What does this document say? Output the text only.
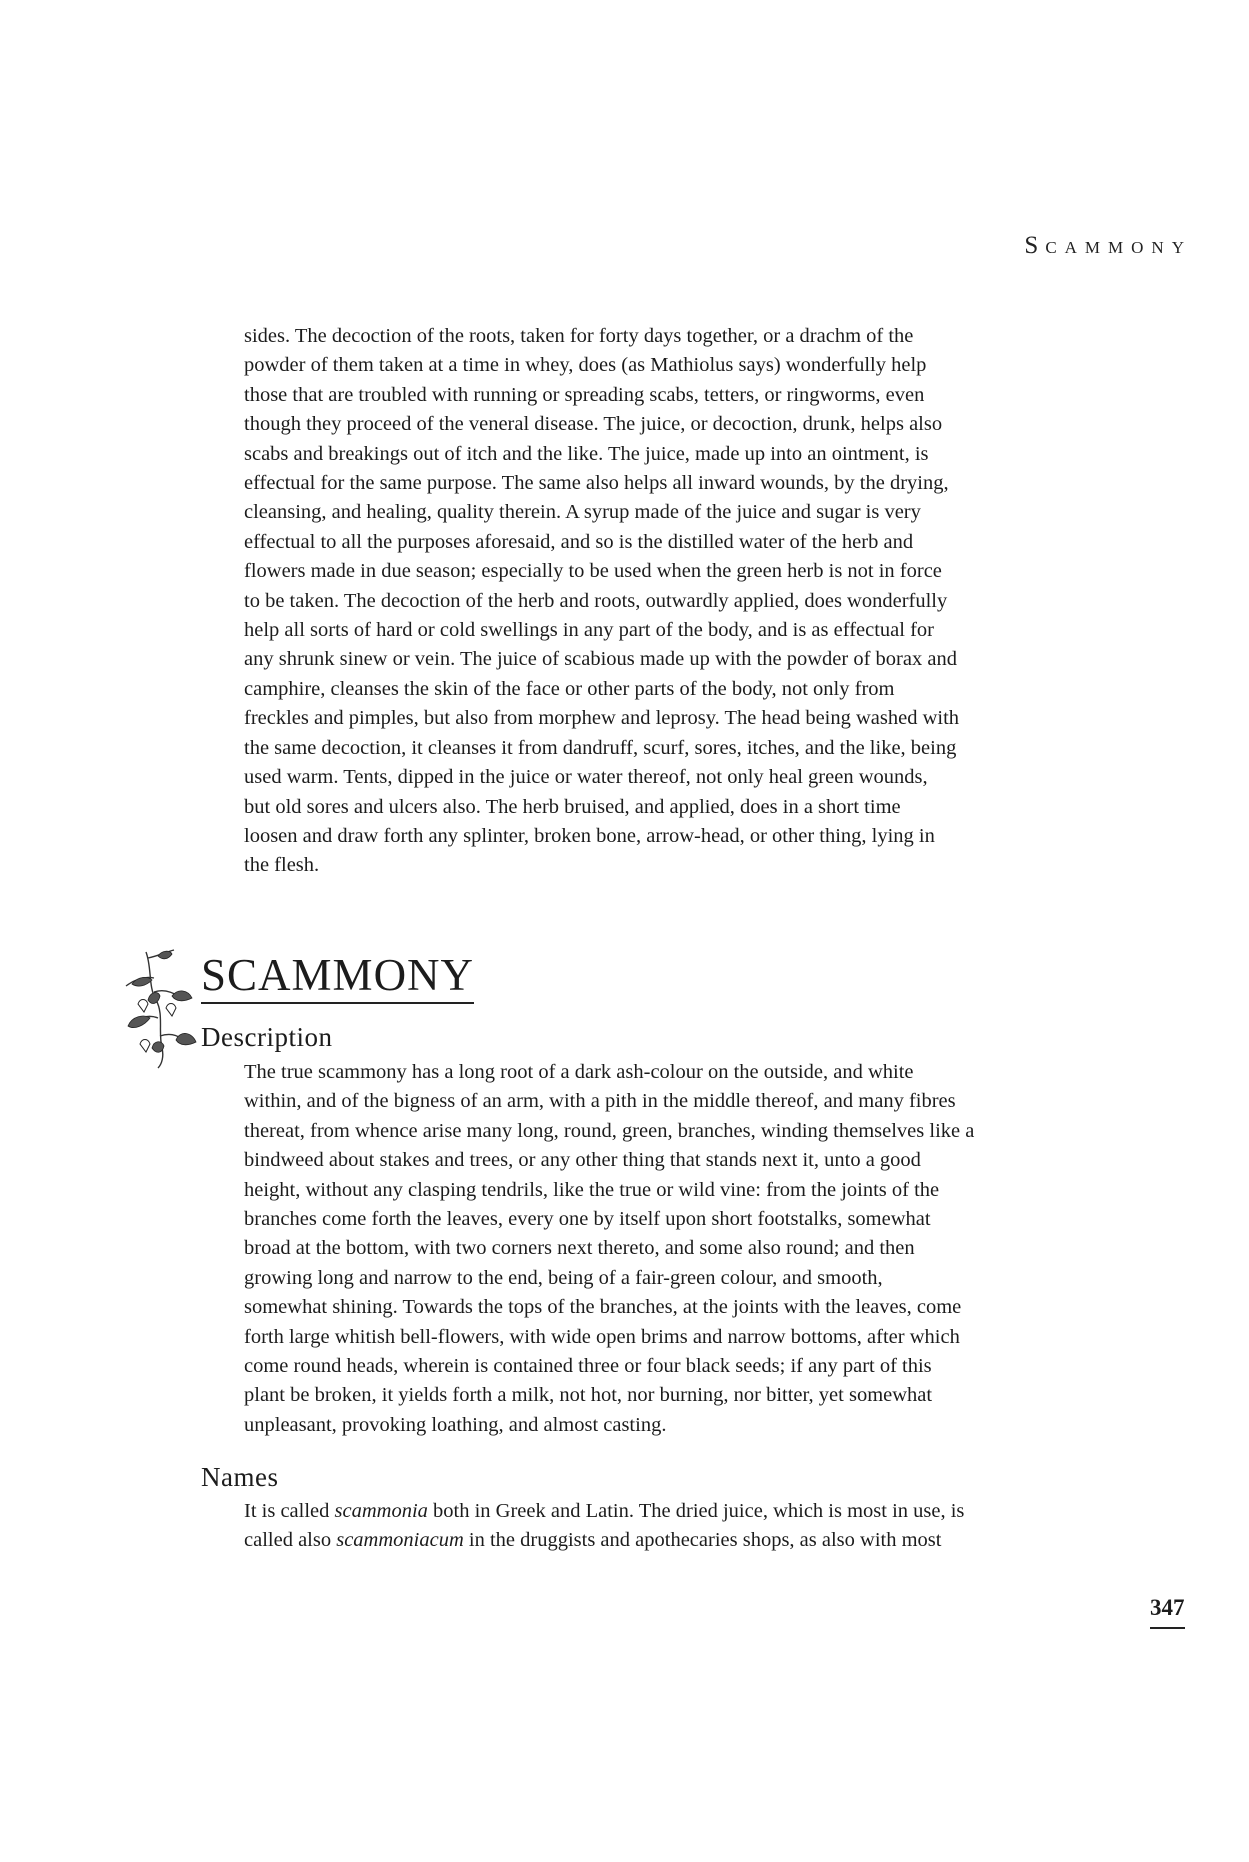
SCAMMONY

sides. The decoction of the roots, taken for forty days together, or a drachm of the
powder of them taken at a time in whey, does (as Mathiolus says) wonderfully help
those that are troubled with running or spreading scabs, tetters, or ringworms, even
though they proceed of the veneral disease. The juice, or decoction, drunk, helps also
scabs and breakings out of itch and the like. The juice, made up into an ointment, is
effectual for the same purpose. The same also helps all inward wounds, by the drying,
cleansing, and healing, quality therein. A syrup made of the juice and sugar is very
effectual to all the purposes aforesaid, and so is the distilled water of the herb and
flowers made in due season; especially to be used when the green herb is not in force
to be taken. The decoction of the herb and roots, outwardly applied, does wonderfully
help all sorts of hard or cold swellings in any part of the body, and is as effectual for
any shrunk sinew or vein. The juice of scabious made up with the powder of borax and
camphire, cleanses the skin of the face or other parts of the body, not only from
freckles and pimples, but also from morphew and leprosy. The head being washed with
the same decoction, it cleanses it from dandruff, scurf, sores, itches, and the like, being
used warm. Tents, dipped in the juice or water thereof, not only heal green wounds,
but old sores and ulcers also. The herb bruised, and applied, does in a short time
loosen and draw forth any splinter, broken bone, arrow-head, or other thing, lying in
the flesh.

SCAMMONY
Description

The true scammony has a long root of a dark ash-colour on the outside, and white
within, and of the bigness of an arm, with a pith in the middle thereof, and many fibres
thereat, from whence arise many long, round, green, branches, winding themselves like a
bindweed about stakes and trees, or any other thing that stands next it, unto a good
height, without any clasping tendrils, like the true or wild vine: from the joints of the
branches come forth the leaves, every one by itself upon short footstalks, somewhat
broad at the bottom, with two corners next thereto, and some also round; and then
growing long and narrow to the end, being of a fair-green colour, and smooth,
somewhat shining. Towards the tops of the branches, at the joints with the leaves, come
forth large whitish bell-flowers, with wide open brims and narrow bottoms, after which
come round heads, wherein is contained three or four black seeds; if any part of this
plant be broken, it yields forth a milk, not hot, nor burning, nor bitter, yet somewhat
unpleasant, provoking loathing, and almost casting.

Names

It is called scammonia both in Greek and Latin. The dried juice, which is most in use, is
called also scammoniacum in the druggists and apothecaries shops, as also with most

347
